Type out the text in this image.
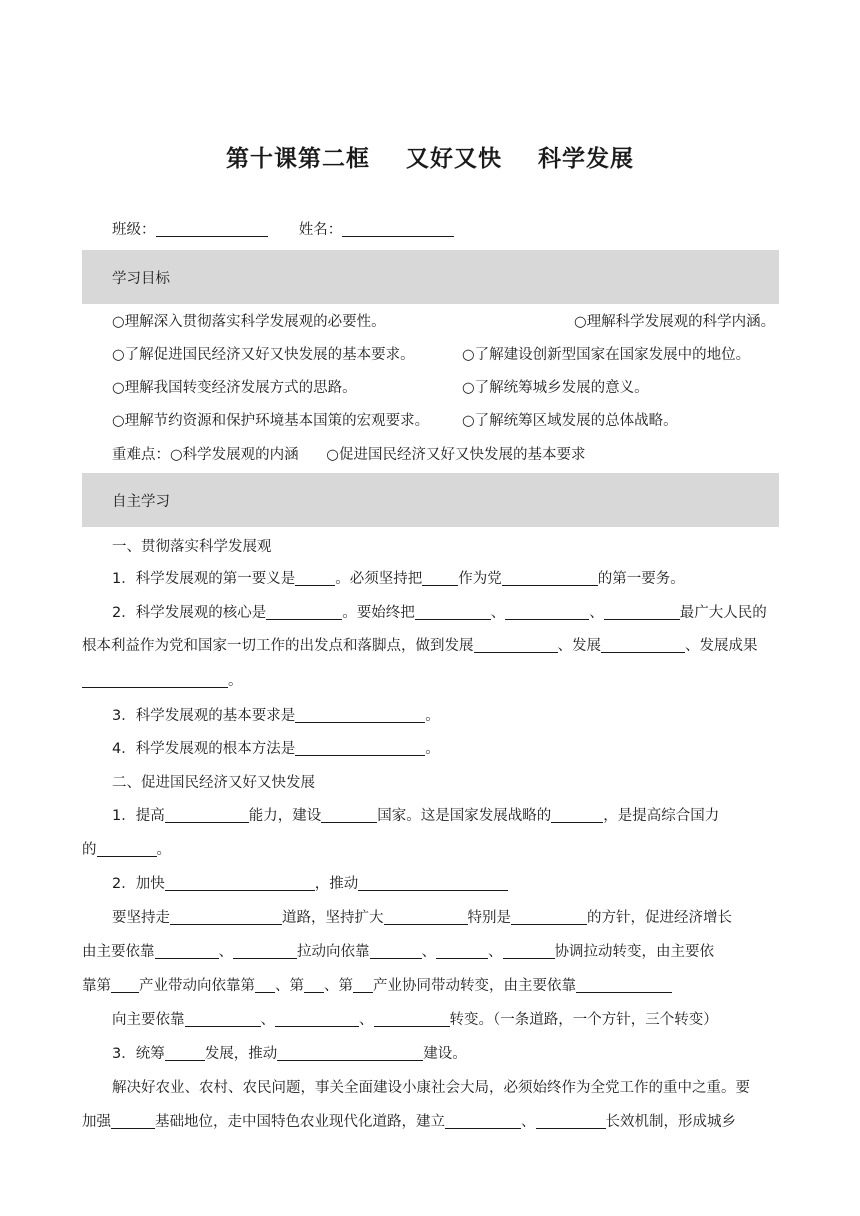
第十课第二框    又好又快    科学发展
班级：	姓名：
学习目标
○理解深入贯彻落实科学发展观的必要性。	○理解科学发展观的科学内涵。
○了解促进国民经济又好又快发展的基本要求。	○了解建设创新型国家在国家发展中的地位。
○理解我国转变经济发展方式的思路。	○了解统筹城乡发展的意义。
○理解节约资源和保护环境基本国策的宏观要求。 ○了解统筹区域发展的总体战略。
重难点：○科学发展观的内涵      ○促进国民经济又好又快发展的基本要求
自主学习
一、贯彻落实科学发展观
1．科学发展观的第一要义是	。必须坚持把 作为党	的第一要务。
2．科学发展观的核心是	。要始终把	、	、	最广大人民的
根本利益作为党和国家一切工作的出发点和落脚点，做到发展	、发展	、发展成果
。
3．科学发展观的基本要求是	。
4．科学发展观的根本方法是	。
二、促进国民经济又好又快发展
1．提高	能力，建设	国家。这是国家发展战略的	，是提高综合国力
的	。
2．加快	，推动
要坚持走	道路，坚持扩大	特别是	的方针，促进经济增长
由主要依靠	、	拉动向依靠	、	、	协调拉动转变，由主要依
靠第 产业带动向依靠第 、第 、第 产业协同带动转变，由主要依靠
向主要依靠	、	、	转变。（一条道路，一个方针，三个转变）
3．统筹	发展，推动	建设。
解决好农业、农村、农民问题，事关全面建设小康社会大局，必须始终作为全党工作的重中之重。要
加强	基础地位，走中国特色农业现代化道路，建立	、	长效机制，形成城乡
